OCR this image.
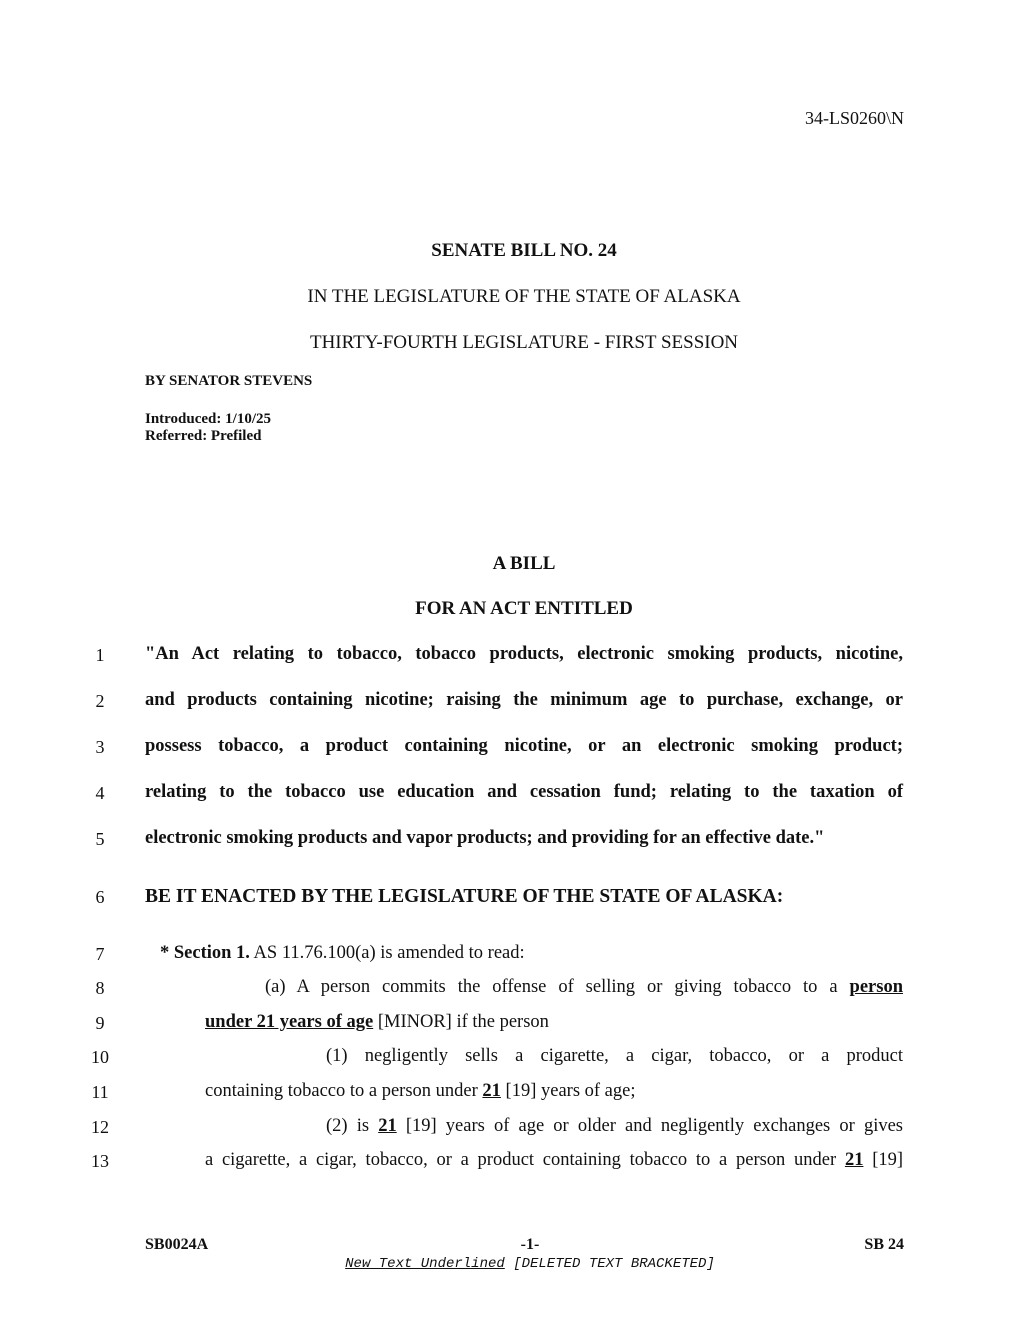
34-LS0260\N
SENATE BILL NO. 24
IN THE LEGISLATURE OF THE STATE OF ALASKA
THIRTY-FOURTH LEGISLATURE - FIRST SESSION
BY SENATOR STEVENS
Introduced: 1/10/25
Referred: Prefiled
A BILL
FOR AN ACT ENTITLED
1
2
3
4
5
6
7
8
9
10
11
12
13
"An Act relating to tobacco, tobacco products, electronic smoking products, nicotine,
and products containing nicotine; raising the minimum age to purchase, exchange, or
possess tobacco, a product containing nicotine, or an electronic smoking product;
relating to the tobacco use education and cessation fund; relating to the taxation of
electronic smoking products and vapor products; and providing for an effective date."
BE IT ENACTED BY THE LEGISLATURE OF THE STATE OF ALASKA:
* Section 1. AS 11.76.100(a) is amended to read:
(a) A person commits the offense of selling or giving tobacco to a person
under 21 years of age [MINOR] if the person
(1) negligently sells a cigarette, a cigar, tobacco, or a product
containing tobacco to a person under 21 [19] years of age;
(2) is 21 [19] years of age or older and negligently exchanges or gives
a cigarette, a cigar, tobacco, or a product containing tobacco to a person under 21 [19]
SB0024A	-1-	SB 24
New Text Underlined [DELETED TEXT BRACKETED]
